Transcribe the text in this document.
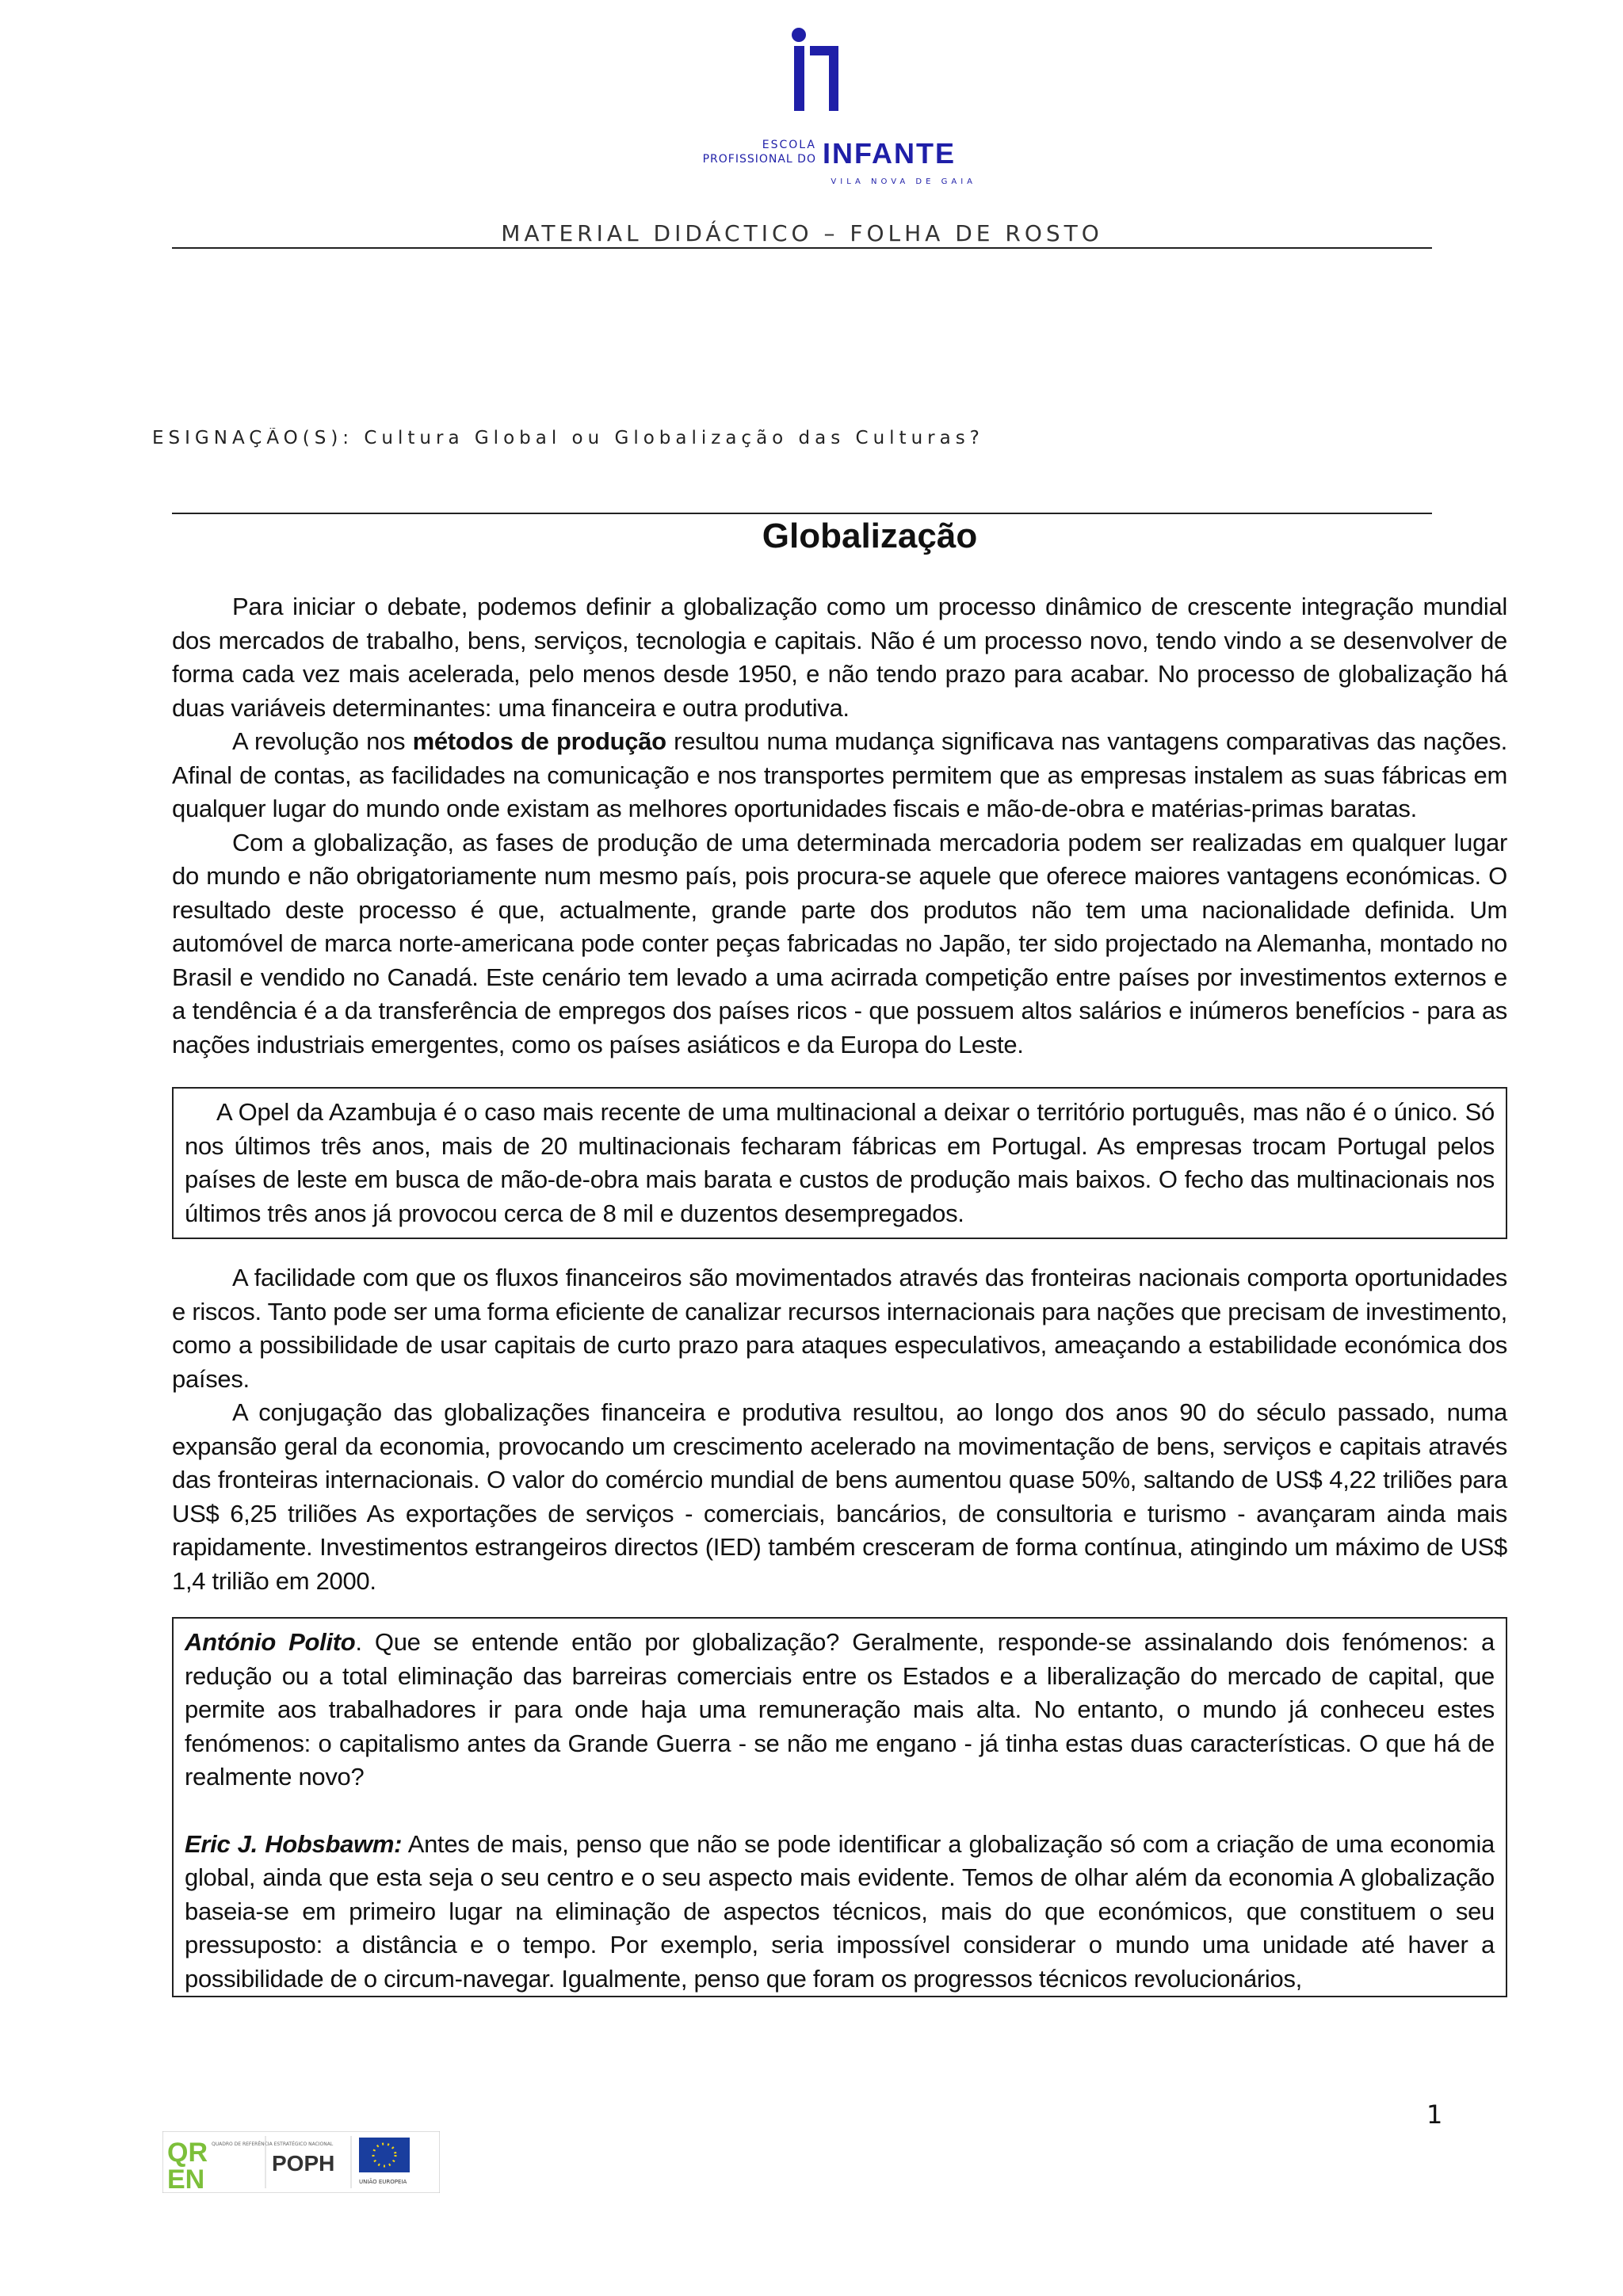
ESCOLA
PROFISSIONAL DO INFANTE
VILA NOVA DE GAIA
MATERIAL DIDÁCTICO – FOLHA DE ROSTO
ESIGNAÇÃO(S): Cultura Global ou Globalização das Culturas?
Globalização

Para iniciar o debate, podemos definir a globalização como um processo dinâmico de crescente integração mundial dos mercados de trabalho, bens, serviços, tecnologia e capitais. Não é um processo novo, tendo vindo a se desenvolver de forma cada vez mais acelerada, pelo menos desde 1950, e não tendo prazo para acabar. No processo de globalização há duas variáveis determinantes: uma financeira e outra produtiva.

A revolução nos métodos de produção resultou numa mudança significava nas vantagens comparativas das nações. Afinal de contas, as facilidades na comunicação e nos transportes permitem que as empresas instalem as suas fábricas em qualquer lugar do mundo onde existam as melhores oportunidades fiscais e mão-de-obra e matérias-primas baratas.

Com a globalização, as fases de produção de uma determinada mercadoria podem ser realizadas em qualquer lugar do mundo e não obrigatoriamente num mesmo país, pois procura-se aquele que oferece maiores vantagens económicas. O resultado deste processo é que, actualmente, grande parte dos produtos não tem uma nacionalidade definida. Um automóvel de marca norte-americana pode conter peças fabricadas no Japão, ter sido projectado na Alemanha, montado no Brasil e vendido no Canadá. Este cenário tem levado a uma acirrada competição entre países por investimentos externos e a tendência é a da transferência de empregos dos países ricos - que possuem altos salários e inúmeros benefícios - para as nações industriais emergentes, como os países asiáticos e da Europa do Leste.

A Opel da Azambuja é o caso mais recente de uma multinacional a deixar o território português, mas não é o único. Só nos últimos três anos, mais de 20 multinacionais fecharam fábricas em Portugal. As empresas trocam Portugal pelos países de leste em busca de mão-de-obra mais barata e custos de produção mais baixos. O fecho das multinacionais nos últimos três anos já provocou cerca de 8 mil e duzentos desempregados.

A facilidade com que os fluxos financeiros são movimentados através das fronteiras nacionais comporta oportunidades e riscos. Tanto pode ser uma forma eficiente de canalizar recursos internacionais para nações que precisam de investimento, como a possibilidade de usar capitais de curto prazo para ataques especulativos, ameaçando a estabilidade económica dos países.

A conjugação das globalizações financeira e produtiva resultou, ao longo dos anos 90 do século passado, numa expansão geral da economia, provocando um crescimento acelerado na movimentação de bens, serviços e capitais através das fronteiras internacionais. O valor do comércio mundial de bens aumentou quase 50%, saltando de US$ 4,22 triliões para US$ 6,25 triliões As exportações de serviços - comerciais, bancários, de consultoria e turismo - avançaram ainda mais rapidamente. Investimentos estrangeiros directos (IED) também cresceram de forma contínua, atingindo um máximo de US$ 1,4 trilião em 2000.

António Polito. Que se entende então por globalização? Geralmente, responde-se assinalando dois fenómenos: a redução ou a total eliminação das barreiras comerciais entre os Estados e a liberalização do mercado de capital, que permite aos trabalhadores ir para onde haja uma remuneração mais alta. No entanto, o mundo já conheceu estes fenómenos: o capitalismo antes da Grande Guerra - se não me engano - já tinha estas duas características. O que há de realmente novo?

Eric J. Hobsbawm: Antes de mais, penso que não se pode identificar a globalização só com a criação de uma economia global, ainda que esta seja o seu centro e o seu aspecto mais evidente. Temos de olhar além da economia A globalização baseia-se em primeiro lugar na eliminação de aspectos técnicos, mais do que económicos, que constituem o seu pressuposto: a distância e o tempo. Por exemplo, seria impossível considerar o mundo uma unidade até haver a possibilidade de o circum-navegar. Igualmente, penso que foram os progressos técnicos revolucionários,

QR
EN
QUADRO DE REFERÊNCIA ESTRATÉGICO NACIONAL
POPH
UNIÃO EUROPEIA
1
